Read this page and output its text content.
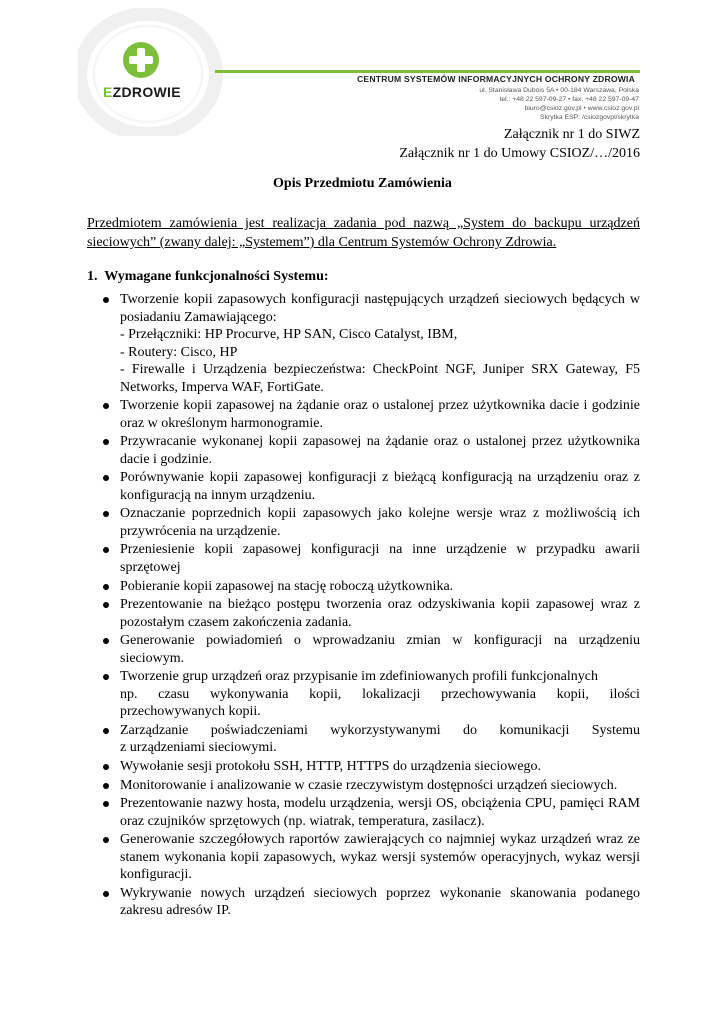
EZDROWIE
CENTRUM SYSTEMÓW INFORMACYJNYCH OCHRONY ZDROWIA
ul. Stanisława Dubois 5A • 00-184 Warszawa, Polska
tel.: +48 22 597-09-27 • fax: +48 22 597-09-47
biuro@csioz.gov.pl • www.csioz.gov.pl
Skrytka ESP: /csiozgovpl/skrytka
Załącznik nr 1 do SIWZ
Załącznik nr 1 do Umowy CSIOZ/…/2016
Opis Przedmiotu Zamówienia
Przedmiotem zamówienia jest realizacja zadania pod nazwą „System do backupu urządzeń sieciowych” (zwany dalej: „Systemem”) dla Centrum Systemów Ochrony Zdrowia.
1. Wymagane funkcjonalności Systemu:
Tworzenie kopii zapasowych konfiguracji następujących urządzeń sieciowych będących w posiadaniu Zamawiającego:
- Przełączniki: HP Procurve, HP SAN, Cisco Catalyst, IBM,
- Routery: Cisco, HP
- Firewalle i Urządzenia bezpieczeństwa: CheckPoint NGF, Juniper SRX Gateway, F5 Networks, Imperva WAF, FortiGate.
Tworzenie kopii zapasowej na żądanie oraz o ustalonej przez użytkownika dacie i godzinie oraz w określonym harmonogramie.
Przywracanie wykonanej kopii zapasowej na żądanie oraz o ustalonej przez użytkownika dacie i godzinie.
Porównywanie kopii zapasowej konfiguracji z bieżącą konfiguracją na urządzeniu oraz z konfiguracją na innym urządzeniu.
Oznaczanie poprzednich kopii zapasowych jako kolejne wersje wraz z możliwością ich przywrócenia na urządzenie.
Przeniesienie kopii zapasowej konfiguracji na inne urządzenie w przypadku awarii sprzętowej
Pobieranie kopii zapasowej na stację roboczą użytkownika.
Prezentowanie na bieżąco postępu tworzenia oraz odzyskiwania kopii zapasowej wraz z pozostałym czasem zakończenia zadania.
Generowanie powiadomień o wprowadzaniu zmian w konfiguracji na urządzeniu sieciowym.
Tworzenie grup urządzeń oraz przypisanie im zdefiniowanych profili funkcjonalnych
np. czasu wykonywania kopii, lokalizacji przechowywania kopii, ilości
przechowywanych kopii.
Zarządzanie poświadczeniami wykorzystywanymi do komunikacji Systemu
z urządzeniami sieciowymi.
Wywołanie sesji protokołu SSH, HTTP, HTTPS do urządzenia sieciowego.
Monitorowanie i analizowanie w czasie rzeczywistym dostępności urządzeń sieciowych.
Prezentowanie nazwy hosta, modelu urządzenia, wersji OS, obciążenia CPU, pamięci RAM oraz czujników sprzętowych (np. wiatrak, temperatura, zasilacz).
Generowanie szczegółowych raportów zawierających co najmniej wykaz urządzeń wraz ze stanem wykonania kopii zapasowych, wykaz wersji systemów operacyjnych, wykaz wersji konfiguracji.
Wykrywanie nowych urządzeń sieciowych poprzez wykonanie skanowania podanego zakresu adresów IP.
